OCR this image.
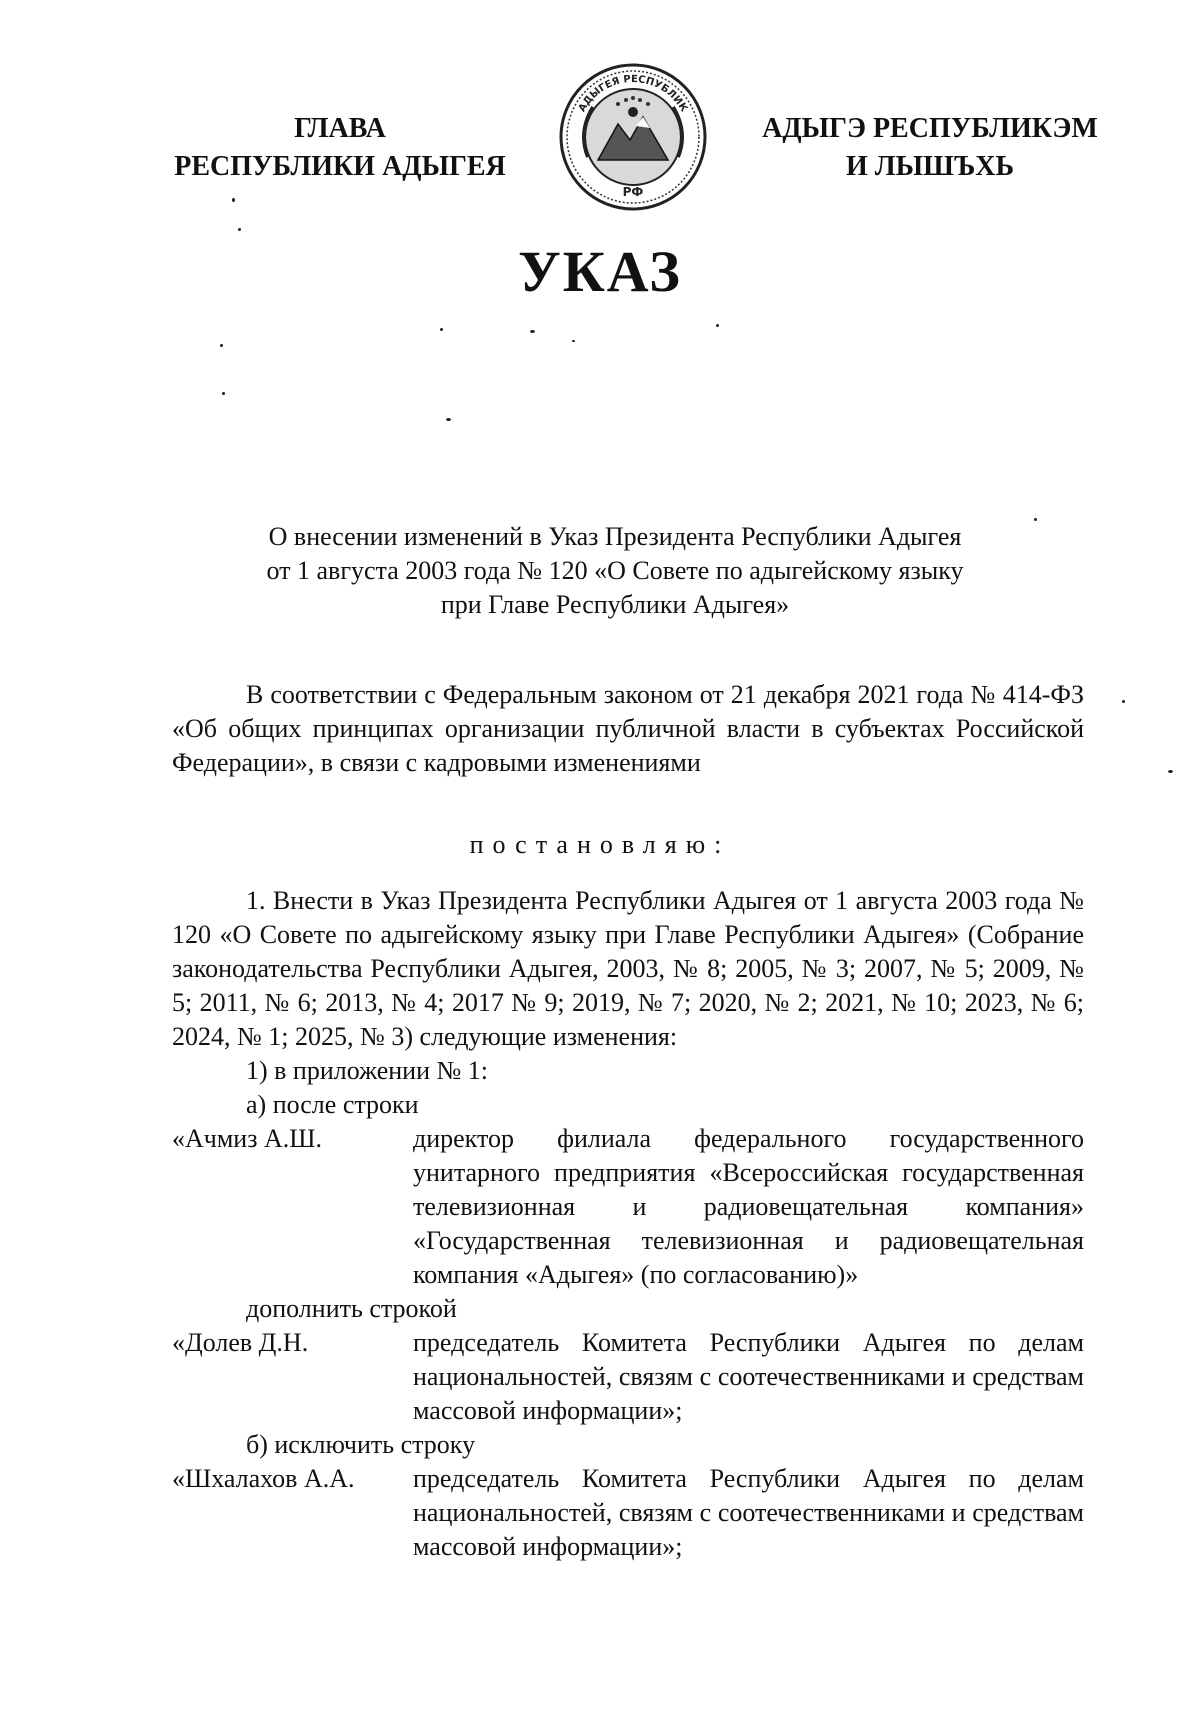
ГЛАВА
РЕСПУБЛИКИ АДЫГЕЯ
АДЫГЕЯ РЕСПУБЛИК
РФ
АДЫГЭ РЕСПУБЛИКЭМ
И ЛЫШЪХЬ
УКАЗ
О внесении изменений в Указ Президента Республики Адыгея
от 1 августа 2003 года № 120 «О Совете по адыгейскому языку
при Главе Республики Адыгея»
В соответствии с Федеральным законом от 21 декабря 2021 года № 414-ФЗ «Об общих принципах организации публичной власти в субъектах Российской Федерации», в связи с кадровыми изменениями
постановляю:
1. Внести в Указ Президента Республики Адыгея от 1 августа 2003 года № 120 «О Совете по адыгейскому языку при Главе Республики Адыгея» (Собрание законодательства Республики Адыгея, 2003, № 8; 2005, № 3; 2007, № 5; 2009, № 5; 2011, № 6; 2013, № 4; 2017 № 9; 2019, № 7; 2020, № 2; 2021, № 10; 2023, № 6; 2024, № 1; 2025, № 3) следующие изменения:
1) в приложении № 1:
а) после строки
«Ачмиз А.Ш.	директор филиала федерального государственного унитарного предприятия «Всероссийская государственная телевизионная и радиовещательная компания» «Государственная телевизионная и радиовещательная компания «Адыгея» (по согласованию)»
дополнить строкой
«Долев Д.Н.	председатель Комитета Республики Адыгея по делам национальностей, связям с соотечественниками и средствам массовой информации»;
б) исключить строку
«Шхалахов А.А.	председатель Комитета Республики Адыгея по делам национальностей, связям с соотечественниками и средствам массовой информации»;
